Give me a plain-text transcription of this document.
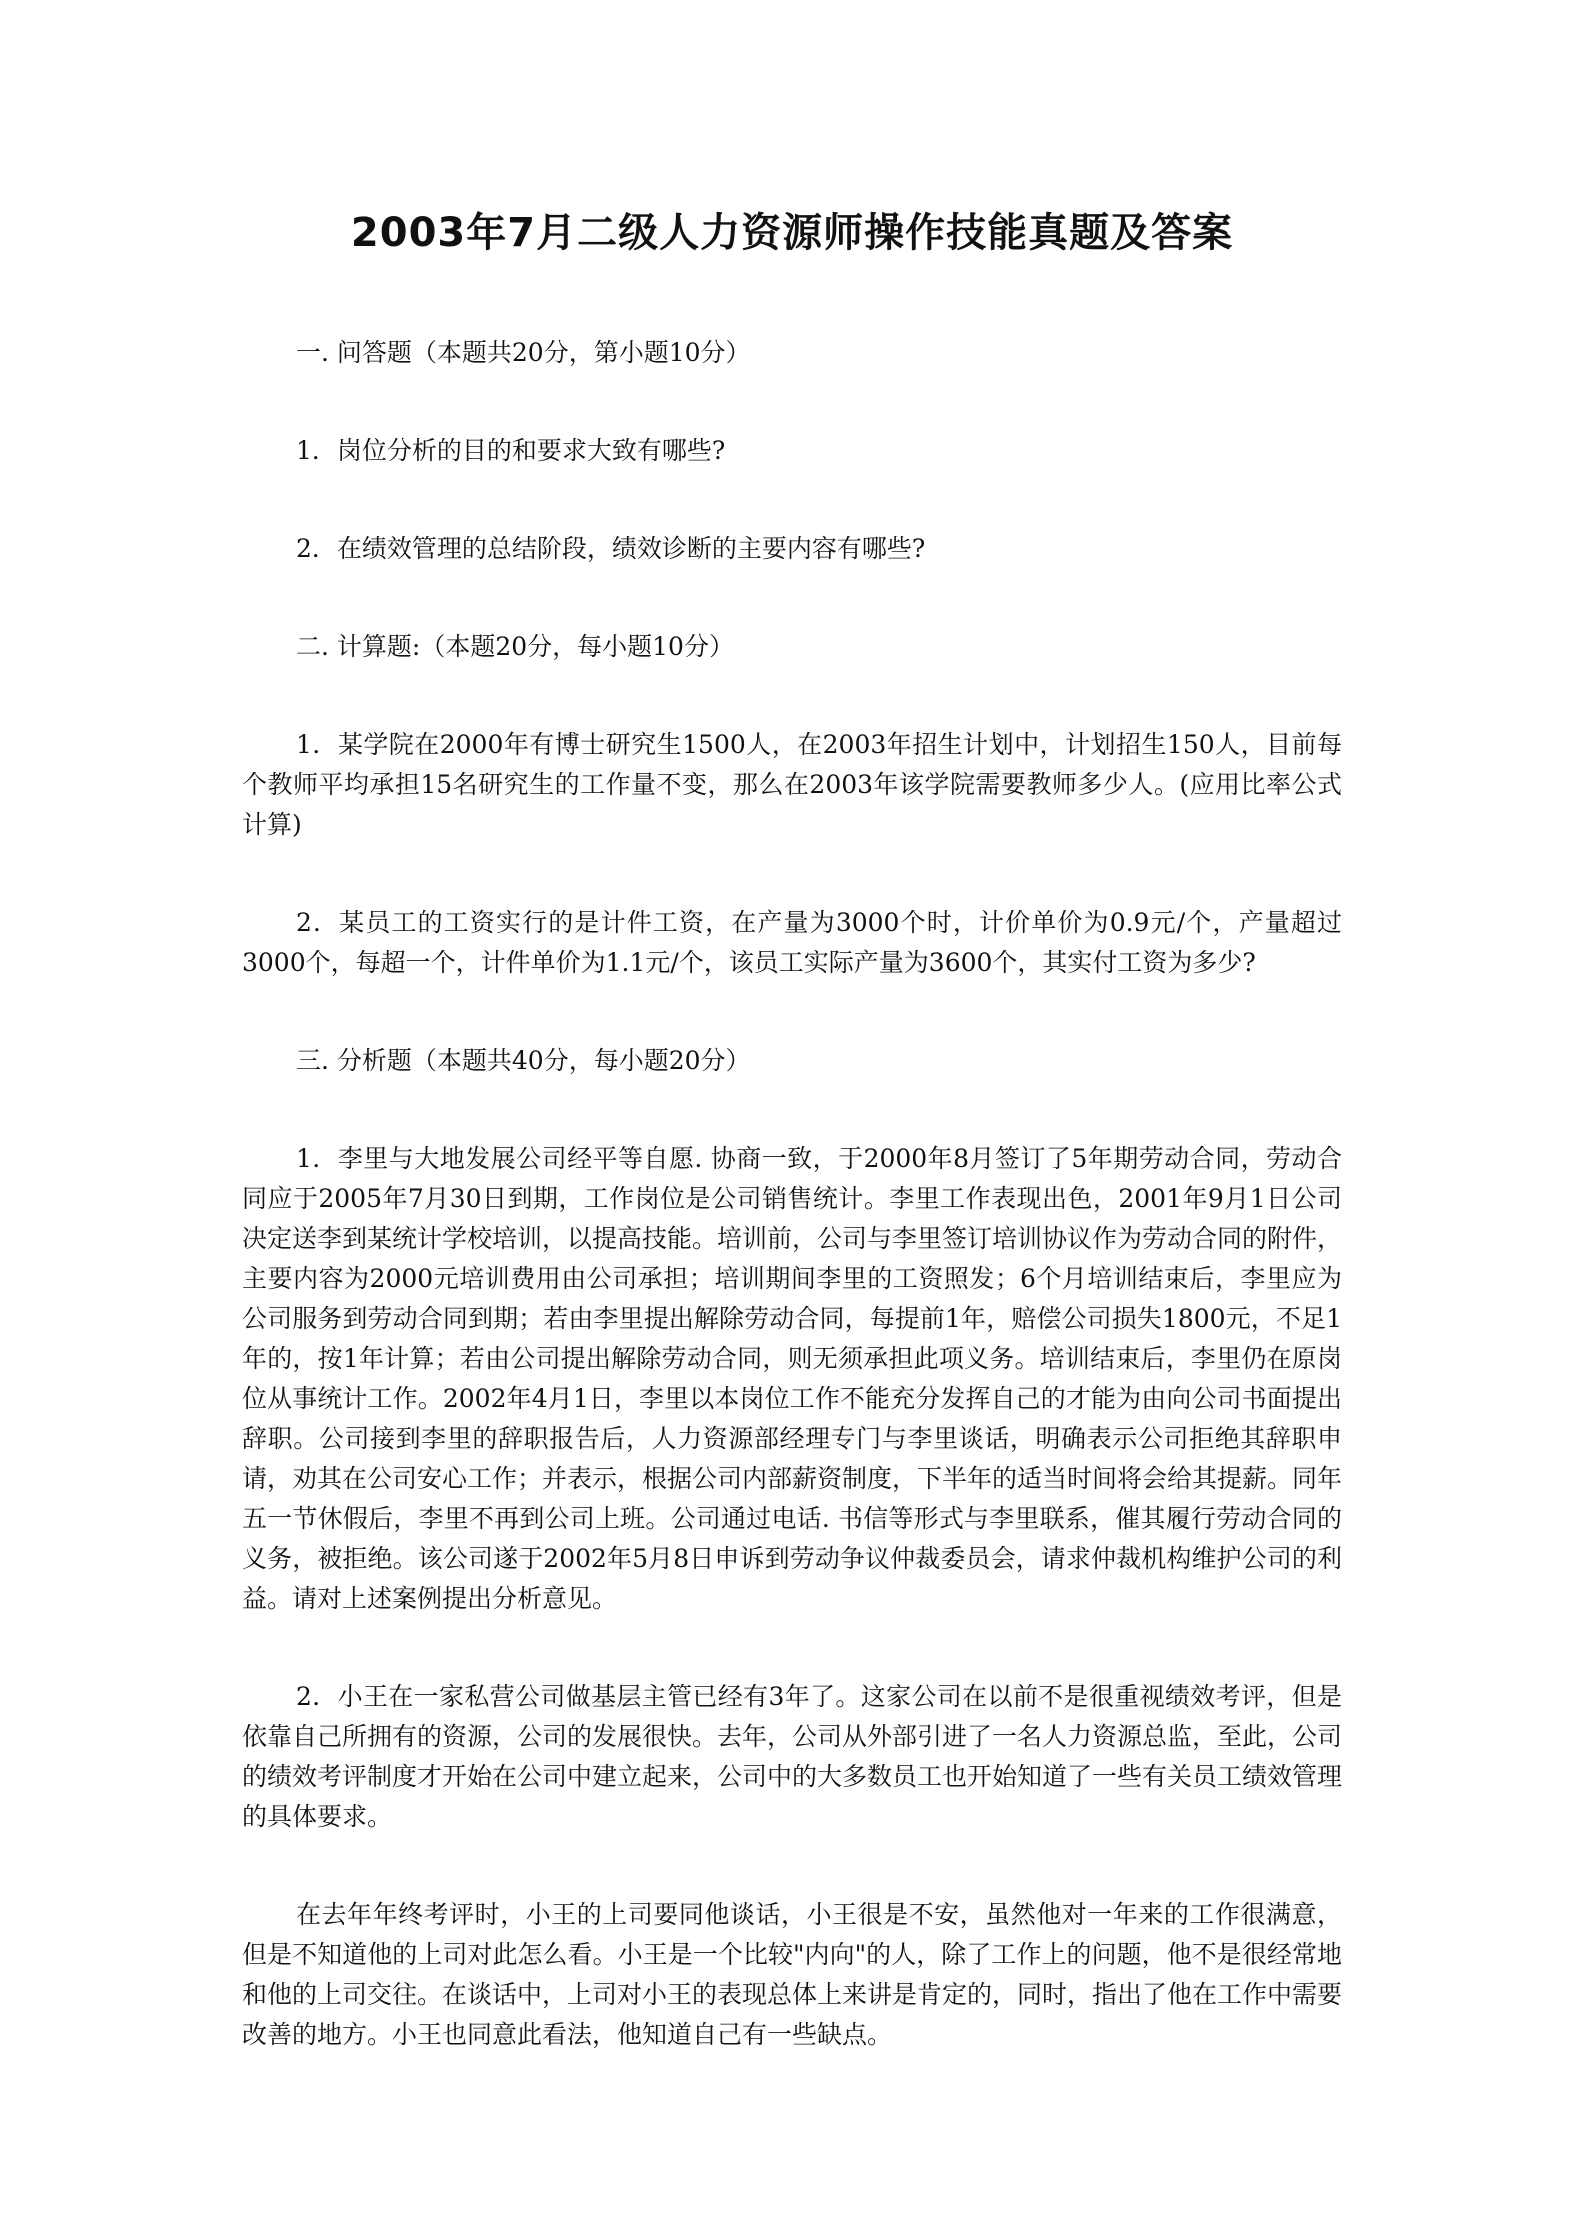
2003年7月二级人力资源师操作技能真题及答案
一. 问答题（本题共20分，第小题10分）
1．岗位分析的目的和要求大致有哪些?
2．在绩效管理的总结阶段，绩效诊断的主要内容有哪些?
二. 计算题:（本题20分，每小题10分）
1．某学院在2000年有博士研究生1500人，在2003年招生计划中，计划招生150人，目前每个教师平均承担15名研究生的工作量不变，那么在2003年该学院需要教师多少人。(应用比率公式计算)
2．某员工的工资实行的是计件工资，在产量为3000个时，计价单价为0.9元/个，产量超过3000个，每超一个，计件单价为1.1元/个，该员工实际产量为3600个，其实付工资为多少?
三. 分析题（本题共40分，每小题20分）
1．李里与大地发展公司经平等自愿. 协商一致，于2000年8月签订了5年期劳动合同，劳动合同应于2005年7月30日到期，工作岗位是公司销售统计。李里工作表现出色，2001年9月1日公司决定送李到某统计学校培训，以提高技能。培训前，公司与李里签订培训协议作为劳动合同的附件，主要内容为2000元培训费用由公司承担；培训期间李里的工资照发；6个月培训结束后，李里应为公司服务到劳动合同到期；若由李里提出解除劳动合同，每提前1年，赔偿公司损失1800元，不足1年的，按1年计算；若由公司提出解除劳动合同，则无须承担此项义务。培训结束后，李里仍在原岗位从事统计工作。2002年4月1日，李里以本岗位工作不能充分发挥自己的才能为由向公司书面提出辞职。公司接到李里的辞职报告后，人力资源部经理专门与李里谈话，明确表示公司拒绝其辞职申请，劝其在公司安心工作；并表示，根据公司内部薪资制度，下半年的适当时间将会给其提薪。同年五一节休假后，李里不再到公司上班。公司通过电话. 书信等形式与李里联系，催其履行劳动合同的义务，被拒绝。该公司遂于2002年5月8日申诉到劳动争议仲裁委员会，请求仲裁机构维护公司的利益。请对上述案例提出分析意见。
2．小王在一家私营公司做基层主管已经有3年了。这家公司在以前不是很重视绩效考评，但是依靠自己所拥有的资源，公司的发展很快。去年，公司从外部引进了一名人力资源总监，至此，公司的绩效考评制度才开始在公司中建立起来，公司中的大多数员工也开始知道了一些有关员工绩效管理的具体要求。
在去年年终考评时，小王的上司要同他谈话，小王很是不安，虽然他对一年来的工作很满意，但是不知道他的上司对此怎么看。小王是一个比较"内向"的人，除了工作上的问题，他不是很经常地和他的上司交往。在谈话中，上司对小王的表现总体上来讲是肯定的，同时，指出了他在工作中需要改善的地方。小王也同意此看法，他知道自己有一些缺点。
